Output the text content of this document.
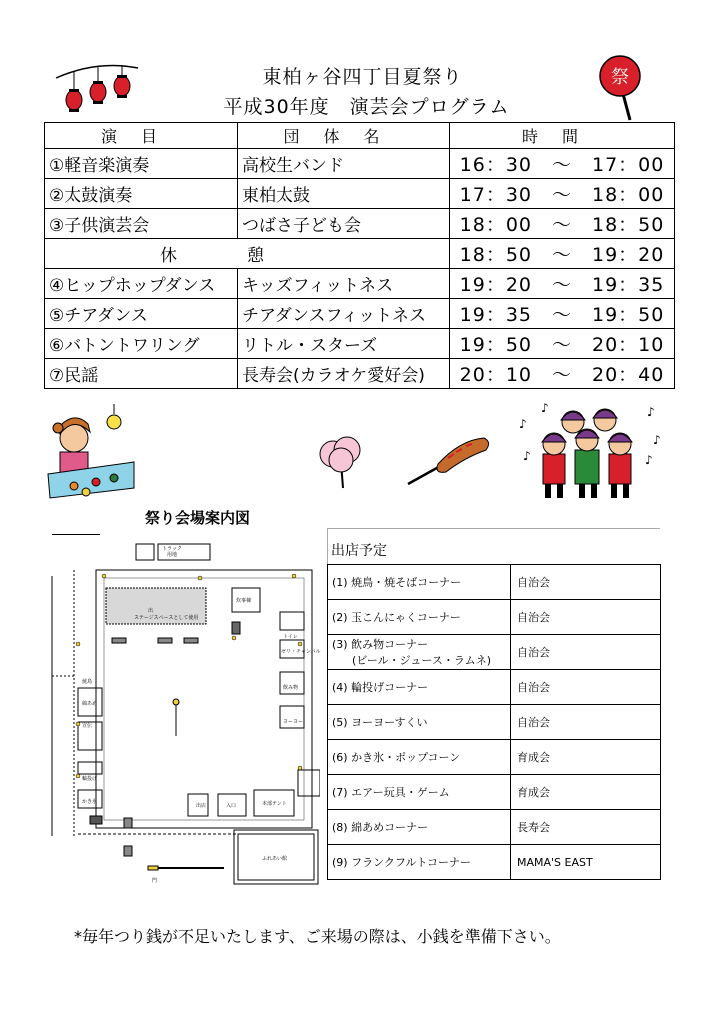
東柏ヶ谷四丁目夏祭り
平成30年度　演芸会プログラム
祭
演目	団体名	時間
①軽音楽演奏	高校生バンド	16：30　～　17：00
②太鼓演奏	東柏太鼓	17：30　～　18：00
③子供演芸会	つばさ子ども会	18：00　～　18：50
休憩		18：50　～　19：20
④ヒップホップダンス	キッズフィットネス	19：20　～　19：35
⑤チアダンス	チアダンスフィットネス	19：35　～　19：50
⑥バトントワリング	リトル・スターズ	19：50　～　20：10
⑦民謡	長寿会(カラオケ愛好会)	20：10　～　20：40
♪
♪	♪
♪
♪
♪
祭り会場案内図
トラック
用地
出
ステージスペースとして使用
炊事棟
トイレ
ゼリ・チャンバル
飲み物
ヨーヨー
焼鳥
綿あめ
宣伝
輪投げ
かき氷
出店	入口	本部テント
ふれあい館
門
出店予定
(1) 焼鳥・焼そばコーナー	自治会
(2) 玉こんにゃくコーナー	自治会

(3) 飲み物コーナー
(ビール・ジュース・ラムネ)	自治会
(4) 輪投げコーナー	自治会
(5) ヨーヨーすくい	自治会
(6) かき氷・ポップコーン	育成会
(7) エアー玩具・ゲーム	育成会
(8) 綿あめコーナー	長寿会
(9) フランクフルトコーナー	MAMA'S EAST
*毎年つり銭が不足いたします、ご来場の際は、小銭を準備下さい。
